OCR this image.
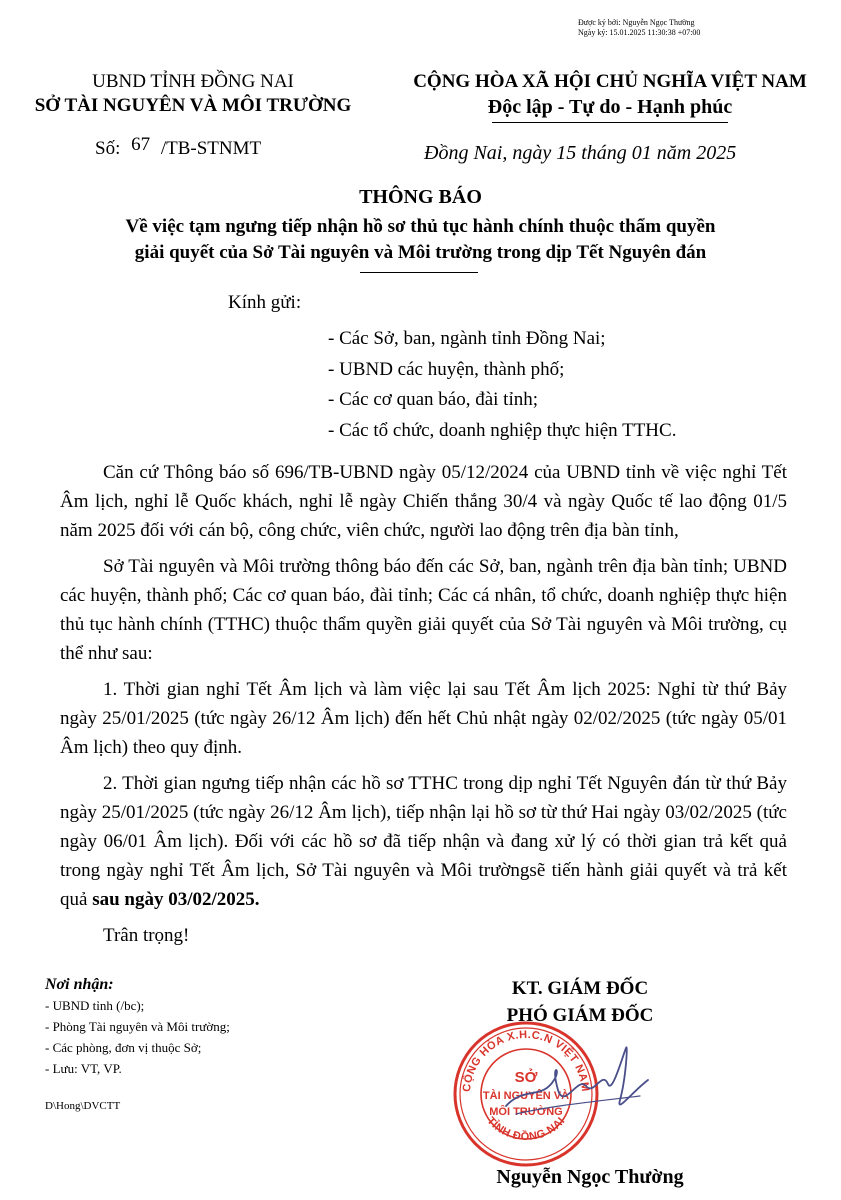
Được ký bởi: Nguyễn Ngọc Thường
Ngày ký: 15.01.2025 11:30:38 +07:00
UBND TỈNH ĐỒNG NAI
SỞ TÀI NGUYÊN VÀ MÔI TRƯỜNG
CỘNG HÒA XÃ HỘI CHỦ NGHĨA VIỆT NAM
Độc lập - Tự do - Hạnh phúc
Số: 67 /TB-STNMT	Đồng Nai, ngày 15 tháng 01 năm 2025
THÔNG BÁO
Về việc tạm ngưng tiếp nhận hồ sơ thủ tục hành chính thuộc thẩm quyền
giải quyết của Sở Tài nguyên và Môi trường trong dịp Tết Nguyên đán
Kính gửi:
- Các Sở, ban, ngành tỉnh Đồng Nai;
- UBND các huyện, thành phố;
- Các cơ quan báo, đài tỉnh;
- Các tổ chức, doanh nghiệp thực hiện TTHC.

Căn cứ Thông báo số 696/TB-UBND ngày 05/12/2024 của UBND tỉnh về việc nghỉ Tết Âm lịch, nghỉ lễ Quốc khách, nghỉ lễ ngày Chiến thắng 30/4 và ngày Quốc tế lao động 01/5 năm 2025 đối với cán bộ, công chức, viên chức, người lao động trên địa bàn tỉnh,

Sở Tài nguyên và Môi trường thông báo đến các Sở, ban, ngành trên địa bàn tỉnh; UBND các huyện, thành phố; Các cơ quan báo, đài tỉnh; Các cá nhân, tổ chức, doanh nghiệp thực hiện thủ tục hành chính (TTHC) thuộc thẩm quyền giải quyết của Sở Tài nguyên và Môi trường, cụ thể như sau:

1. Thời gian nghỉ Tết Âm lịch và làm việc lại sau Tết Âm lịch 2025: Nghỉ từ thứ Bảy ngày 25/01/2025 (tức ngày 26/12 Âm lịch) đến hết Chủ nhật ngày 02/02/2025 (tức ngày 05/01 Âm lịch) theo quy định.

2. Thời gian ngưng tiếp nhận các hồ sơ TTHC trong dịp nghỉ Tết Nguyên đán từ thứ Bảy ngày 25/01/2025 (tức ngày 26/12 Âm lịch), tiếp nhận lại hồ sơ từ thứ Hai ngày 03/02/2025 (tức ngày 06/01 Âm lịch). Đối với các hồ sơ đã tiếp nhận và đang xử lý có thời gian trả kết quả trong ngày nghỉ Tết Âm lịch, Sở Tài nguyên và Môi trườngsẽ tiến hành giải quyết và trả kết quả sau ngày 03/02/2025.

Trân trọng!

Nơi nhận:
- UBND tỉnh (/bc);
- Phòng Tài nguyên và Môi trường;
- Các phòng, đơn vị thuộc Sở;
- Lưu: VT, VP.
D\Hong\DVCTT
KT. GIÁM ĐỐC
PHÓ GIÁM ĐỐC
CỘNG HÒA X.H.C.N VIỆT NAM
TỈNH ĐỒNG NAI
SỞ
TÀI NGUYÊN VÀ
MÔI TRƯỜNG
Nguyễn Ngọc Thường
